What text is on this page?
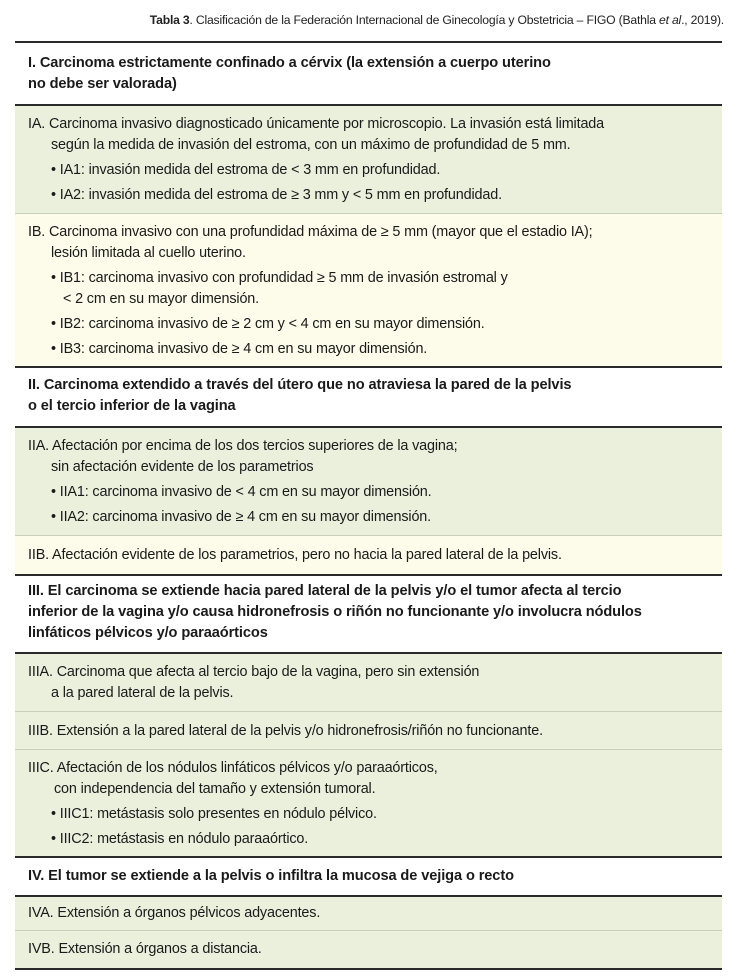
Tabla 3. Clasificación de la Federación Internacional de Ginecología y Obstetricia – FIGO (Bathla et al., 2019).
I. Carcinoma estrictamente confinado a cérvix (la extensión a cuerpo uterino
no debe ser valorada)
IA. Carcinoma invasivo diagnosticado únicamente por microscopio. La invasión está limitada
según la medida de invasión del estroma, con un máximo de profundidad de 5 mm.
• IA1: invasión medida del estroma de < 3 mm en profundidad.
• IA2: invasión medida del estroma de ≥ 3 mm y < 5 mm en profundidad.
IB. Carcinoma invasivo con una profundidad máxima de ≥ 5 mm (mayor que el estadio IA);
lesión limitada al cuello uterino.
• IB1: carcinoma invasivo con profundidad ≥ 5 mm de invasión estromal y
< 2 cm en su mayor dimensión.
• IB2: carcinoma invasivo de ≥ 2 cm y < 4 cm en su mayor dimensión.
• IB3: carcinoma invasivo de ≥ 4 cm en su mayor dimensión.
II. Carcinoma extendido a través del útero que no atraviesa la pared de la pelvis
o el tercio inferior de la vagina
IIA. Afectación por encima de los dos tercios superiores de la vagina;
sin afectación evidente de los parametrios
• IIA1: carcinoma invasivo de < 4 cm en su mayor dimensión.
• IIA2: carcinoma invasivo de ≥ 4 cm en su mayor dimensión.
IIB. Afectación evidente de los parametrios, pero no hacia la pared lateral de la pelvis.
III. El carcinoma se extiende hacia pared lateral de la pelvis y/o el tumor afecta al tercio
inferior de la vagina y/o causa hidronefrosis o riñón no funcionante y/o involucra nódulos
linfáticos pélvicos y/o paraaórticos
IIIA. Carcinoma que afecta al tercio bajo de la vagina, pero sin extensión
a la pared lateral de la pelvis.
IIIB. Extensión a la pared lateral de la pelvis y/o hidronefrosis/riñón no funcionante.
IIIC. Afectación de los nódulos linfáticos pélvicos y/o paraaórticos,
con independencia del tamaño y extensión tumoral.
• IIIC1: metástasis solo presentes en nódulo pélvico.
• IIIC2: metástasis en nódulo paraaórtico.
IV. El tumor se extiende a la pelvis o infiltra la mucosa de vejiga o recto
IVA. Extensión a órganos pélvicos adyacentes.
IVB. Extensión a órganos a distancia.
